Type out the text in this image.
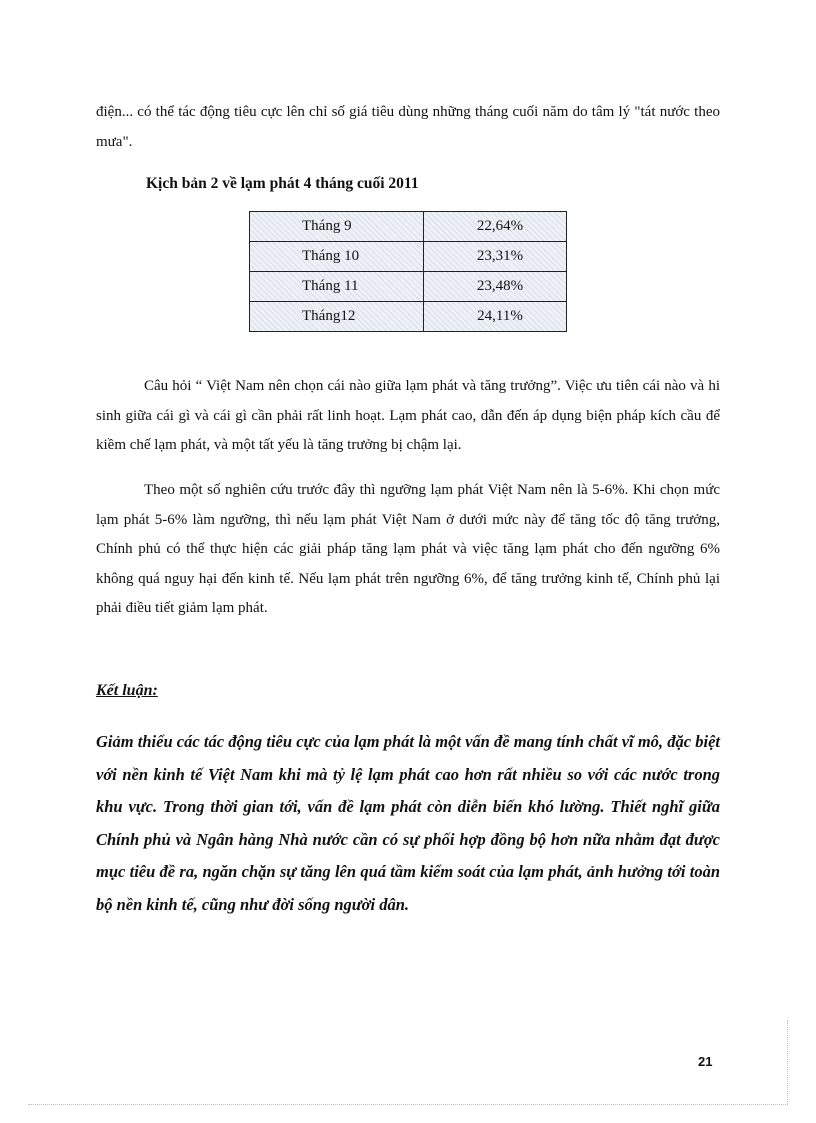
điện... có thể tác động tiêu cực lên chỉ số giá tiêu dùng những tháng cuối năm do tâm lý "tát nước theo mưa".

Kịch bản 2 về lạm phát 4 tháng cuối 2011

Tháng 9	22,64%
Tháng 10	23,31%
Tháng 11	23,48%
Tháng12	24,11%

Câu hỏi “ Việt Nam nên chọn cái nào giữa lạm phát và tăng trưởng”. Việc ưu tiên cái nào và hi sinh giữa cái gì và cái gì cần phải rất linh hoạt. Lạm phát cao, dẫn đến áp dụng biện pháp kích cầu để kiềm chế lạm phát, và một tất yếu là tăng trưởng bị chậm lại.

Theo một số nghiên cứu trước đây thì ngưỡng lạm phát Việt Nam nên là 5-6%. Khi chọn mức lạm phát 5-6% làm ngưỡng, thì nếu lạm phát Việt Nam ở dưới mức này để tăng tốc độ tăng trưởng, Chính phủ có thể thực hiện các giải pháp tăng lạm phát và việc tăng lạm phát cho đến ngưỡng 6% không quá nguy hại đến kinh tế. Nếu lạm phát trên ngưỡng 6%, để tăng trưởng kinh tế, Chính phủ lại phải điều tiết giảm lạm phát.

Kết luận:

Giảm thiểu các tác động tiêu cực của lạm phát là một vấn đề mang tính chất vĩ mô, đặc biệt với nền kinh tế Việt Nam khi mà tỷ lệ lạm phát cao hơn rất nhiều so với các nước trong khu vực. Trong thời gian tới, vấn đề lạm phát còn diễn biến khó lường. Thiết nghĩ giữa Chính phủ và Ngân hàng Nhà nước cần có sự phối hợp đồng bộ hơn nữa nhằm đạt được mục tiêu đề ra, ngăn chặn sự tăng lên quá tầm kiểm soát của lạm phát, ảnh hưởng tới toàn bộ nền kinh tế, cũng như đời sống người dân.

21
